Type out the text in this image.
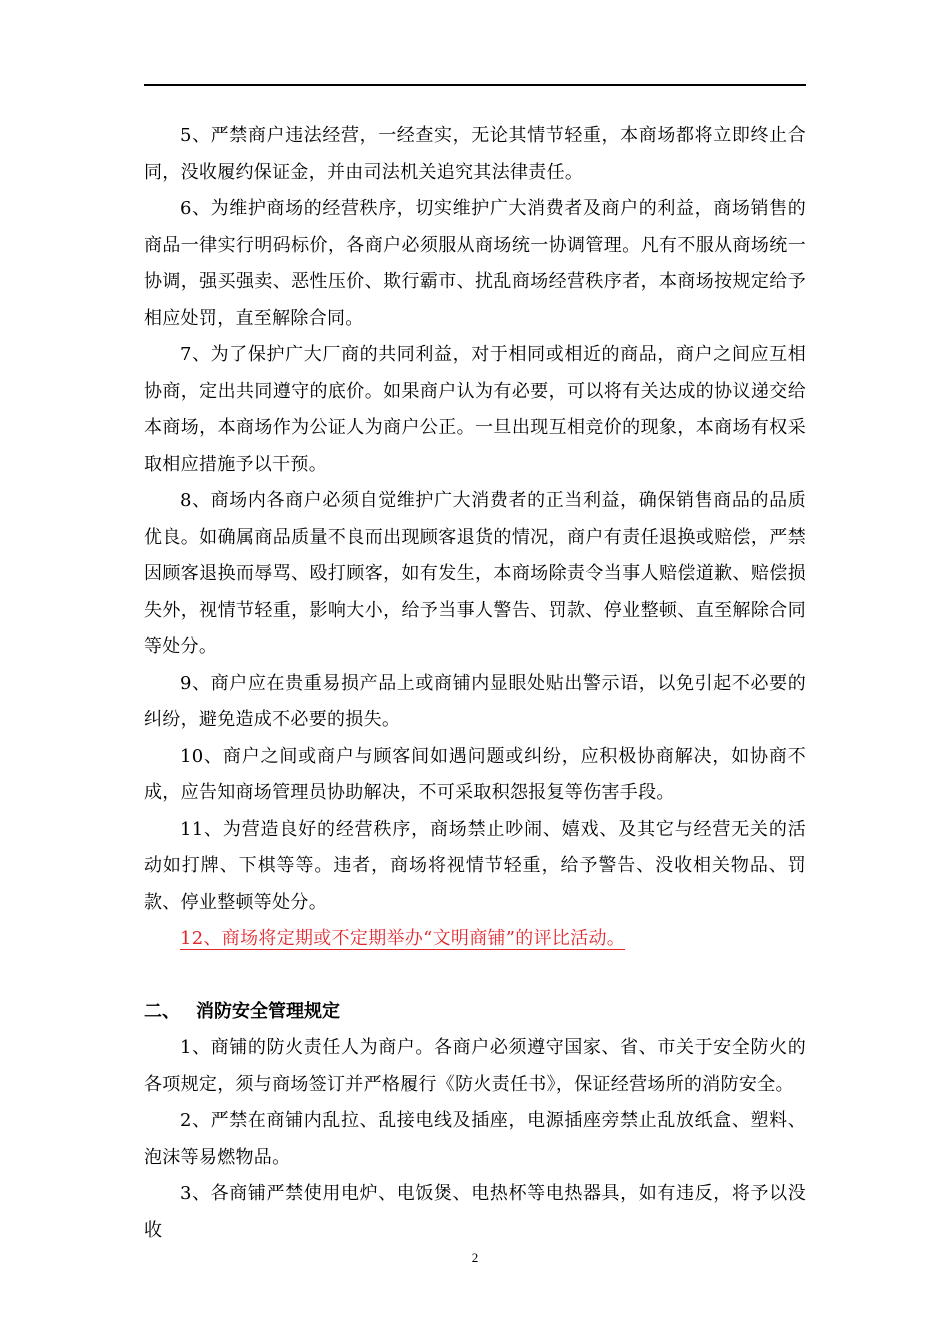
5、严禁商户违法经营，一经查实，无论其情节轻重，本商场都将立即终止合同，没收履约保证金，并由司法机关追究其法律责任。

6、为维护商场的经营秩序，切实维护广大消费者及商户的利益，商场销售的商品一律实行明码标价，各商户必须服从商场统一协调管理。凡有不服从商场统一协调，强买强卖、恶性压价、欺行霸市、扰乱商场经营秩序者，本商场按规定给予相应处罚，直至解除合同。

7、为了保护广大厂商的共同利益，对于相同或相近的商品，商户之间应互相协商，定出共同遵守的底价。如果商户认为有必要，可以将有关达成的协议递交给本商场，本商场作为公证人为商户公正。一旦出现互相竞价的现象，本商场有权采取相应措施予以干预。

8、商场内各商户必须自觉维护广大消费者的正当利益，确保销售商品的品质优良。如确属商品质量不良而出现顾客退货的情况，商户有责任退换或赔偿，严禁因顾客退换而辱骂、殴打顾客，如有发生，本商场除责令当事人赔偿道歉、赔偿损失外，视情节轻重，影响大小，给予当事人警告、罚款、停业整顿、直至解除合同等处分。

9、商户应在贵重易损产品上或商铺内显眼处贴出警示语，以免引起不必要的纠纷，避免造成不必要的损失。

10、商户之间或商户与顾客间如遇问题或纠纷，应积极协商解决，如协商不成，应告知商场管理员协助解决，不可采取积怨报复等伤害手段。

11、为营造良好的经营秩序，商场禁止吵闹、嬉戏、及其它与经营无关的活动如打牌、下棋等等。违者，商场将视情节轻重，给予警告、没收相关物品、罚款、停业整顿等处分。

12、商场将定期或不定期举办“文明商铺”的评比活动。

二、 消防安全管理规定

1、商铺的防火责任人为商户。各商户必须遵守国家、省、市关于安全防火的各项规定，须与商场签订并严格履行《防火责任书》，保证经营场所的消防安全。

2、严禁在商铺内乱拉、乱接电线及插座，电源插座旁禁止乱放纸盒、塑料、泡沫等易燃物品。

3、各商铺严禁使用电炉、电饭煲、电热杯等电热器具，如有违反，将予以没收

2
